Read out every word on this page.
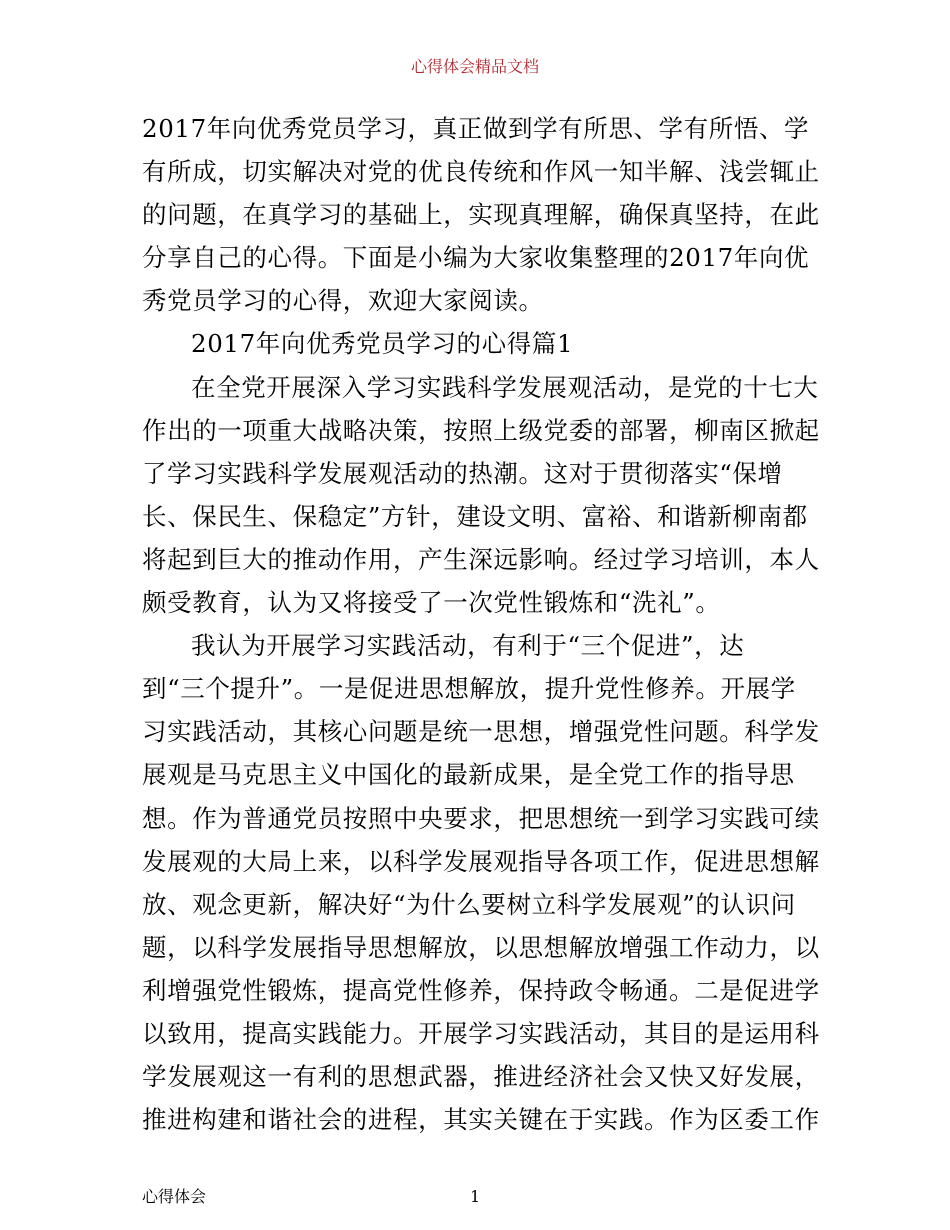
心得体会精品文档

2017年向优秀党员学习，真正做到学有所思、学有所悟、学
有所成，切实解决对党的优良传统和作风一知半解、浅尝辄止
的问题，在真学习的基础上，实现真理解，确保真坚持，在此
分享自己的心得。下面是小编为大家收集整理的2017年向优
秀党员学习的心得，欢迎大家阅读。

2017年向优秀党员学习的心得篇1

在全党开展深入学习实践科学发展观活动，是党的十七大
作出的一项重大战略决策，按照上级党委的部署，柳南区掀起
了学习实践科学发展观活动的热潮。这对于贯彻落实“保增
长、保民生、保稳定”方针，建设文明、富裕、和谐新柳南都
将起到巨大的推动作用，产生深远影响。经过学习培训，本人
颇受教育，认为又将接受了一次党性锻炼和“洗礼”。

我认为开展学习实践活动，有利于“三个促进”，达
到“三个提升”。一是促进思想解放，提升党性修养。开展学
习实践活动，其核心问题是统一思想，增强党性问题。科学发
展观是马克思主义中国化的最新成果，是全党工作的指导思
想。作为普通党员按照中央要求，把思想统一到学习实践可续
发展观的大局上来，以科学发展观指导各项工作，促进思想解
放、观念更新，解决好“为什么要树立科学发展观”的认识问
题，以科学发展指导思想解放，以思想解放增强工作动力，以
利增强党性锻炼，提高党性修养，保持政令畅通。二是促进学
以致用，提高实践能力。开展学习实践活动，其目的是运用科
学发展观这一有利的思想武器，推进经济社会又快又好发展，
推进构建和谐社会的进程，其实关键在于实践。作为区委工作

心得体会	1
